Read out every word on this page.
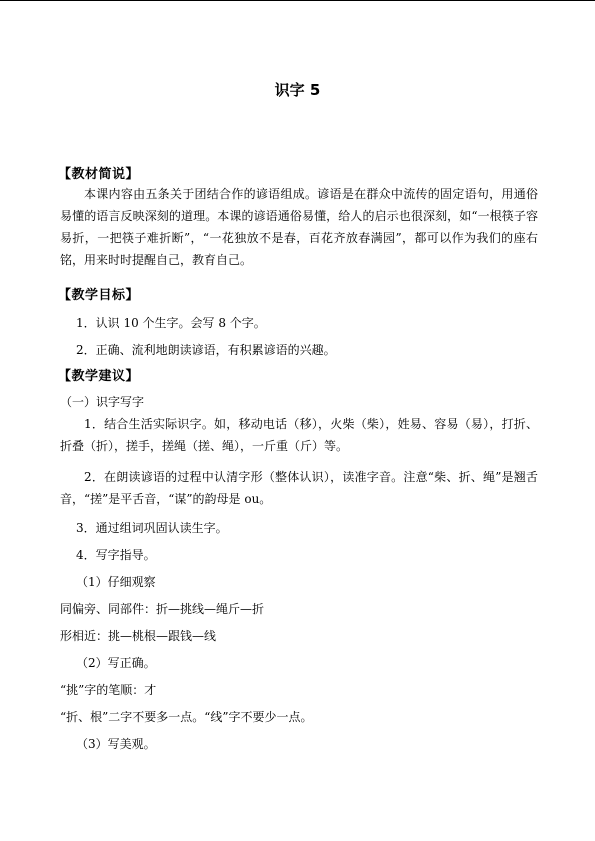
识字 5
【教材简说】
本课内容由五条关于团结合作的谚语组成。谚语是在群众中流传的固定语句，用通俗易懂的语言反映深刻的道理。本课的谚语通俗易懂，给人的启示也很深刻，如“一根筷子容易折，一把筷子难折断”，“一花独放不是春，百花齐放春满园”，都可以作为我们的座右铭，用来时时提醒自己，教育自己。
【教学目标】
1．认识 10 个生字。会写 8 个字。
2．正确、流利地朗读谚语，有积累谚语的兴趣。
【教学建议】
（一）识字写字
1．结合生活实际识字。如，移动电话（移），火柴（柴），姓易、容易（易），打折、折叠（折），搓手，搓绳（搓、绳），一斤重（斤）等。
2．在朗读谚语的过程中认清字形（整体认识），读准字音。注意“柴、折、绳”是翘舌音，“搓”是平舌音，“谋”的韵母是 ou。
3．通过组词巩固认读生字。
4．写字指导。
（1）仔细观察
同偏旁、同部件：折—挑线—绳斤—折
形相近：挑—桃根—跟钱—线
（2）写正确。
“挑”字的笔顺：才
“折、根”二字不要多一点。“线”字不要少一点。
（3）写美观。
